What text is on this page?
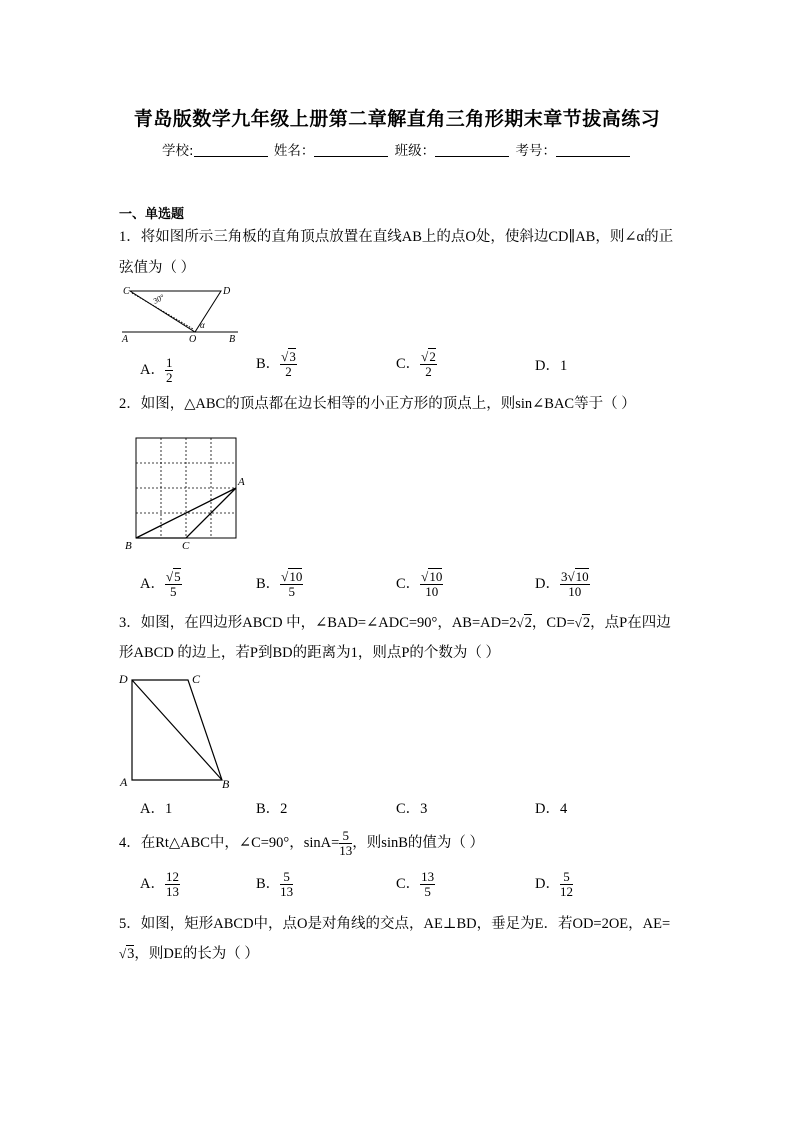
青岛版数学九年级上册第二章解直角三角形期末章节拔高练习
学校:	姓名：	班级：	考号：
一、单选题
1．将如图所示三角板的直角顶点放置在直线AB上的点O处，使斜边CD∥AB，则∠α的正
弦值为（ ）
C	D
A	O	B
30°
α
A． $\frac{1}{2}$	B． $\frac{√3}{2}$	C． $\frac{√2}{2}$	D．1
2．如图，△ABC的顶点都在边长相等的小正方形的顶点上，则sin∠BAC等于（ ）
A
B	C
A． $\frac{√5}{5}$	B． $\frac{√10}{5}$	C． $\frac{√10}{10}$	D． $\frac{3√10}{10}$
3．如图，在四边形ABCD 中，∠BAD=∠ADC=90°，AB=AD=2√2，CD=√2，点P在四边
形ABCD 的边上，若P到BD的距离为1，则点P的个数为（ ）
D	C
A	B
A．1	B．2	C．3	D．4
4．在Rt△ABC中，∠C=90°，$\sin A= \frac{5}{13}$ ，则sinB的值为（ ）
A． $\frac{12}{13}$	B． $\frac{5}{13}$	C． $\frac{13}{5}$	D． $\frac{5}{12}$
5．如图，矩形ABCD中，点O是对角线的交点，AE⊥BD，垂足为E．若OD=2OE，AE=
√3，则DE的长为（ ）
